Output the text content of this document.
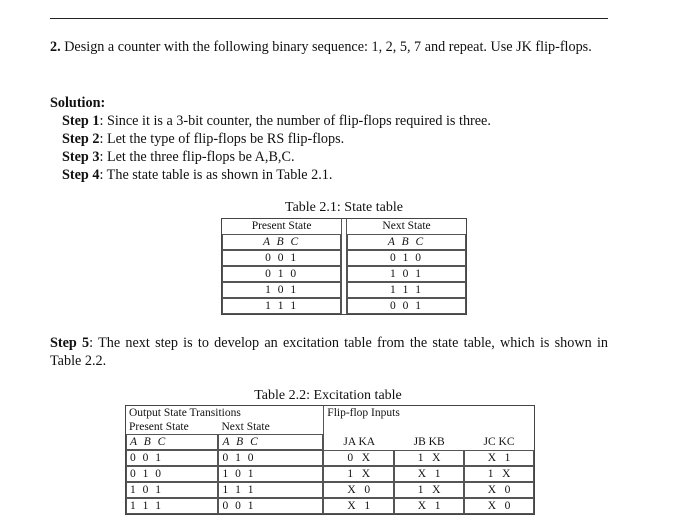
2. Design a counter with the following binary sequence: 1, 2, 5, 7 and repeat. Use JK flip-flops.
Solution:
Step 1: Since it is a 3-bit counter, the number of flip-flops required is three.
Step 2: Let the type of flip-flops be RS flip-flops.
Step 3: Let the three flip-flops be A,B,C.
Step 4: The state table is as shown in Table 2.1.
Table 2.1: State table
Present State		Next State
A B C		A B C
0 0 1		0 1 0
0 1 0		1 0 1
1 0 1		1 1 1
1 1 1		0 0 1
Step 5: The next step is to develop an excitation table from the state table, which is shown in Table 2.2.
Table 2.2: Excitation table
Output State Transitions		Flip-flop Inputs		
Present State	Next State			
A B C	A B C	JA KA	JB KB	JC KC
0 0 1	0 1 0	0   X	1   X	X   1
0 1 0	1 0 1	1   X	X   1	1   X
1 0 1	1 1 1	X   0	1   X	X   0
1 1 1	0 0 1	X   1	X   1	X   0
